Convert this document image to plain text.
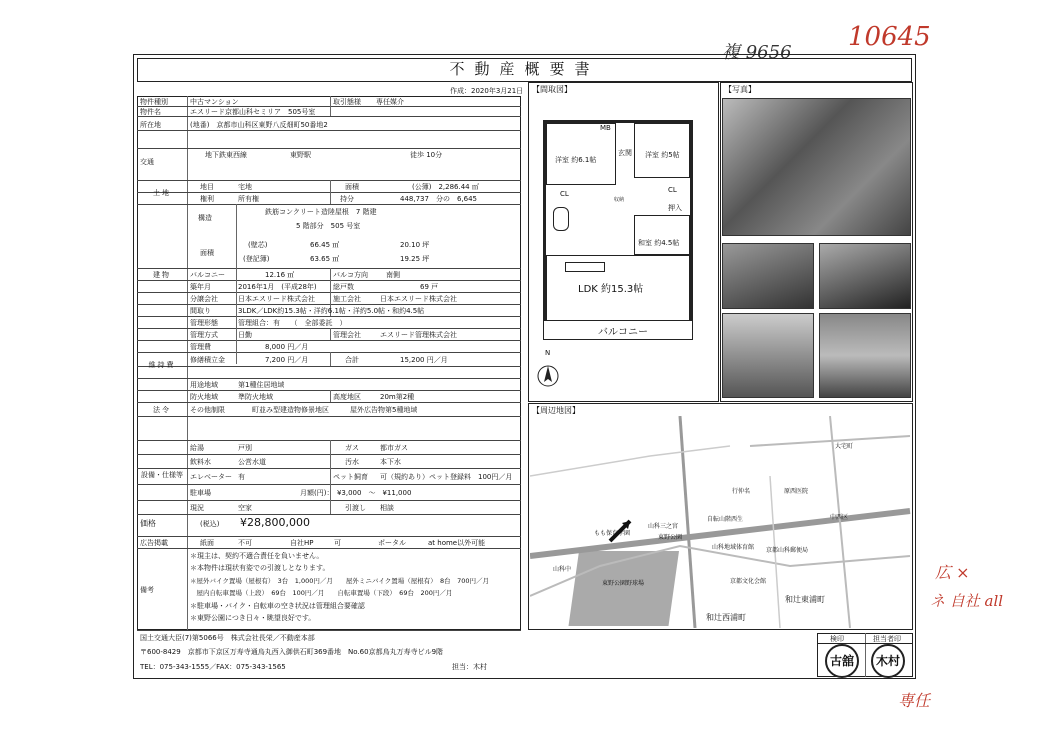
複 9656
10645
広 ×
ネ 自社 all
専任
不動産概要書
作成：2020年3月21日
物件種別	中古マンション	取引態様 専任媒介
物件名	エスリード京都山科セミリア　505号室
所在地	(地番)　京都市山科区東野八反畑町50番地2
交通
地下鉄東西線	東野駅	徒歩 10分
土地
地目	宅地	面積	(公簿)　2,286.44 ㎡
権利	所有権	持分	448,737　分の　6,645
建物
構造
鉄筋コンクリート造陸屋根　7 階建
5 階部分　505 号室
面積
(壁芯)	66.45 ㎡	20.10 坪
(登記簿)	63.65 ㎡	19.25 坪
バルコニー	12.16 ㎡	バルコ方向	南側
築年月	2016年1月　(平成28年) 総戸数	69 戸
分譲会社	日本エスリード株式会社	施工会社	日本エスリード株式会社
間取り	3LDK／LDK約15.3帖・洋約6.1帖・洋約5.0帖・和約4.5帖
管理形態	管理組合：有　　（　全部委託　）
管理方式	日勤	管理会社	エスリード管理株式会社
維持費
管理費	8,000 円／月
修繕積立金	7,200 円／月	合計	15,200 円／月
法令
用途地域	第1種住居地域
防火地域	準防火地域	高度地区	20m第2種
その他制限	町並み型建造物修景地区　　　屋外広告物第5種地域
設備・仕様等
給湯	戸別	ガス	都市ガス
飲料水	公営水道	汚水	本下水
エレベーター 有	ペット飼育 可（規約あり）ペット登録料　100円／月
駐車場	月額(円)：　¥3,000　～　¥11,000
現況	空家	引渡し 相談
価格	(税込) ¥28,800,000
広告掲載	紙面	不可	自社HP	可	ポータル	at home以外可能
備考
＊現主は、契約不適合責任を負いません。
＊本物件は現状有姿での引渡しとなります。
＊屋外バイク置場（屋根有）　3台　1,000円／月　　屋外ミニバイク置場（屋根有）　8台　700円／月
　屋内自転車置場（上段）　69台　100円／月　　自転車置場（下段）　69台　200円／月
＊駐車場・バイク・自転車の空き状況は管理組合要確認
＊東野公園につき日々・眺望良好です。
国土交通大臣(7)第5066号　株式会社長栄／不動産本部
〒600-8429　京都市下京区万寿寺通烏丸西入御供石町369番地　No.60京都烏丸万寿寺ビル9階
TEL：075-343-1555／FAX：075-343-1565	担当：木村
検印	担当者印
古舘	木村
【間取図】
洋室 約6.1帖
洋室 約5帖
和室 約4.5帖
LDK 約15.3帖
バルコニー
MB
玄関
CL	CL
押入
収納
N
【写真】
【周辺地図】
山科三之宮
東野公園
もも保育学園
自転山階西生
山科地域体育館 京都山科郵便局
東野公園野球場	京都文化会館
和辻東浦町
和辻西浦町
中西区
大宅町
原西医院
行仲名
山科中
